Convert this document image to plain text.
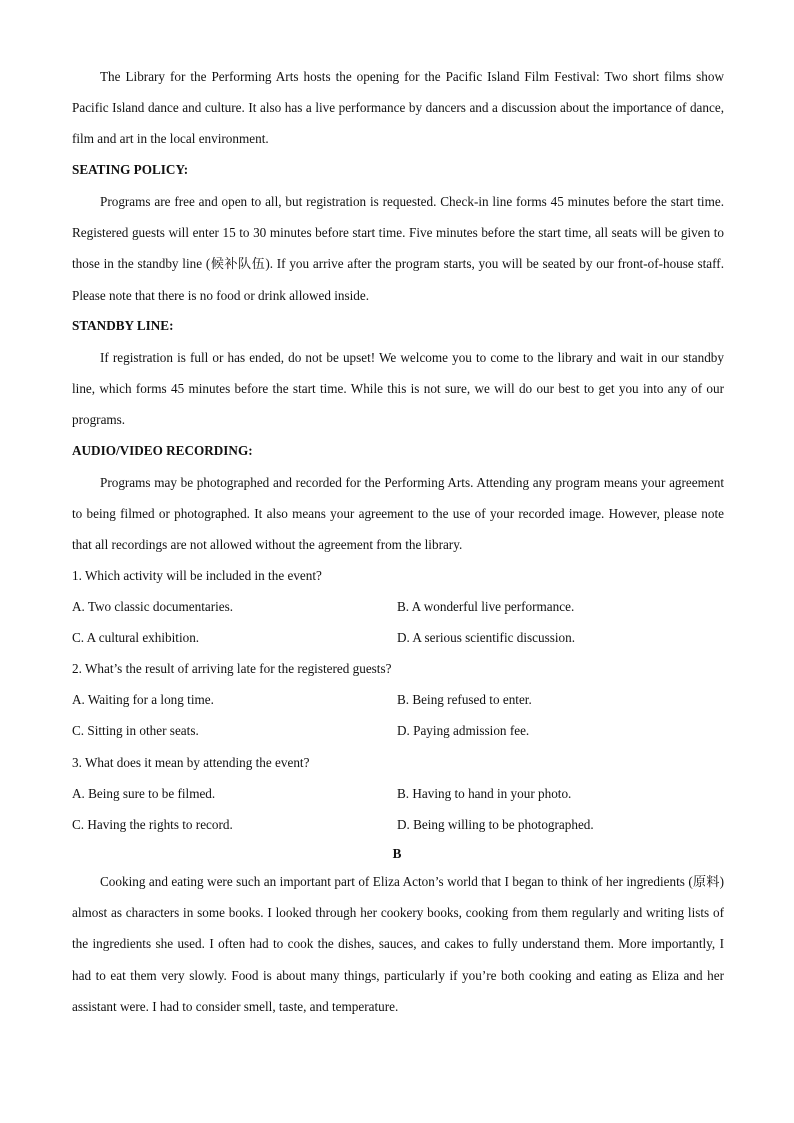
The Library for the Performing Arts hosts the opening for the Pacific Island Film Festival: Two short films show Pacific Island dance and culture. It also has a live performance by dancers and a discussion about the importance of dance, film and art in the local environment.

SEATING POLICY:

Programs are free and open to all, but registration is requested. Check-in line forms 45 minutes before the start time. Registered guests will enter 15 to 30 minutes before start time. Five minutes before the start time, all seats will be given to those in the standby line (候补队伍). If you arrive after the program starts, you will be seated by our front-of-house staff. Please note that there is no food or drink allowed inside.

STANDBY LINE:

If registration is full or has ended, do not be upset! We welcome you to come to the library and wait in our standby line, which forms 45 minutes before the start time. While this is not sure, we will do our best to get you into any of our programs.

AUDIO/VIDEO RECORDING:

Programs may be photographed and recorded for the Performing Arts. Attending any program means your agreement to being filmed or photographed. It also means your agreement to the use of your recorded image. However, please note that all recordings are not allowed without the agreement from the library.

1. Which activity will be included in the event?

A. Two classic documentaries.	B. A wonderful live performance.

C. A cultural exhibition.	D. A serious scientific discussion.

2. What’s the result of arriving late for the registered guests?

A. Waiting for a long time.	B. Being refused to enter.

C. Sitting in other seats.	D. Paying admission fee.

3. What does it mean by attending the event?

A. Being sure to be filmed.	B. Having to hand in your photo.

C. Having the rights to record.	D. Being willing to be photographed.

B

Cooking and eating were such an important part of Eliza Acton’s world that I began to think of her ingredients (原料) almost as characters in some books. I looked through her cookery books, cooking from them regularly and writing lists of the ingredients she used. I often had to cook the dishes, sauces, and cakes to fully understand them. More importantly, I had to eat them very slowly. Food is about many things, particularly if you’re both cooking and eating as Eliza and her assistant were. I had to consider smell, taste, and temperature.
